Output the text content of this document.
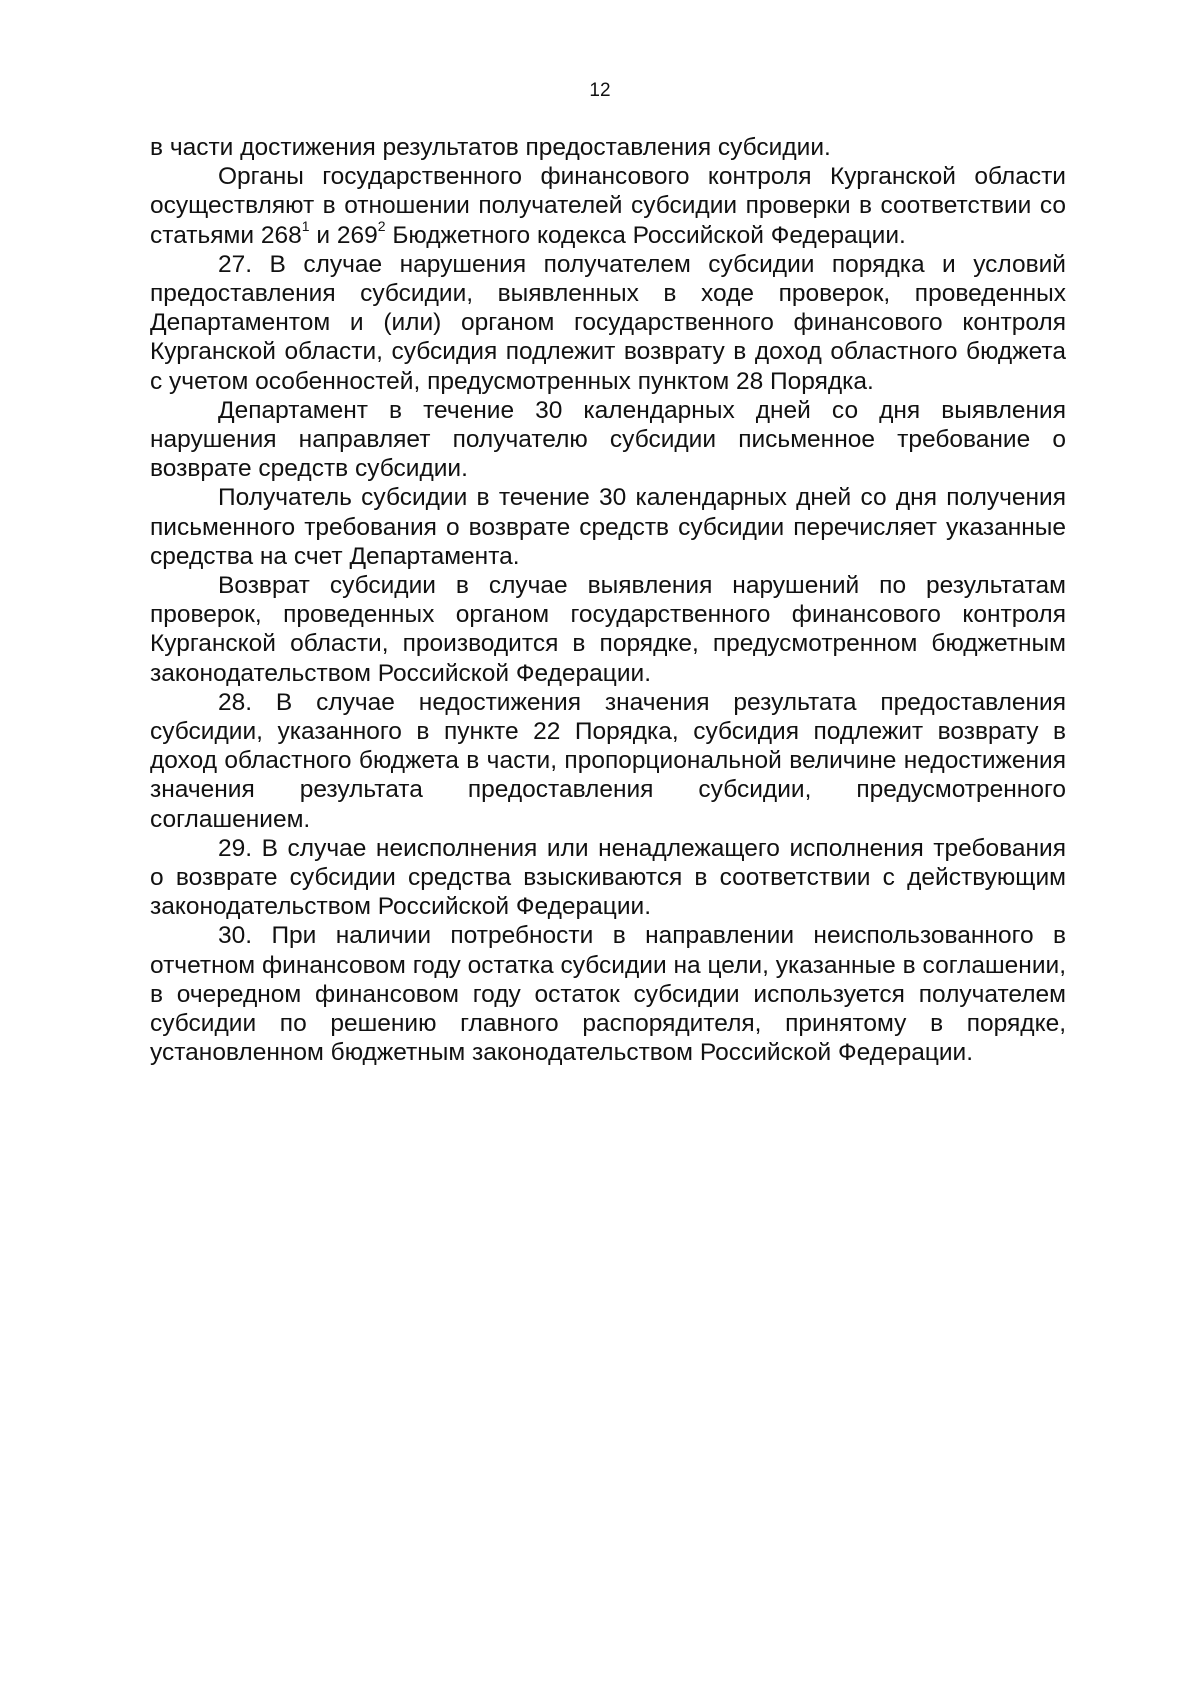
12

в части достижения результатов предоставления субсидии.

Органы государственного финансового контроля Курганской области осуществляют в отношении получателей субсидии проверки в соответствии со статьями $268^1$ и $269^2$ Бюджетного кодекса Российской Федерации.

27. В случае нарушения получателем субсидии порядка и условий предоставления субсидии, выявленных в ходе проверок, проведенных Департаментом и (или) органом государственного финансового контроля Курганской области, субсидия подлежит возврату в доход областного бюджета с учетом особенностей, предусмотренных пунктом 28 Порядка.

Департамент в течение 30 календарных дней со дня выявления нарушения направляет получателю субсидии письменное требование о возврате средств субсидии.

Получатель субсидии в течение 30 календарных дней со дня получения письменного требования о возврате средств субсидии перечисляет указанные средства на счет Департамента.

Возврат субсидии в случае выявления нарушений по результатам проверок, проведенных органом государственного финансового контроля Курганской области, производится в порядке, предусмотренном бюджетным законодательством Российской Федерации.

28. В случае недостижения значения результата предоставления субсидии, указанного в пункте 22 Порядка, субсидия подлежит возврату в доход областного бюджета в части, пропорциональной величине недостижения значения результата предоставления субсидии, предусмотренного соглашением.

29. В случае неисполнения или ненадлежащего исполнения требования о возврате субсидии средства взыскиваются в соответствии с действующим законодательством Российской Федерации.

30. При наличии потребности в направлении неиспользованного в отчетном финансовом году остатка субсидии на цели, указанные в соглашении, в очередном финансовом году остаток субсидии используется получателем субсидии по решению главного распорядителя, принятому в порядке, установленном бюджетным законодательством Российской Федерации.
